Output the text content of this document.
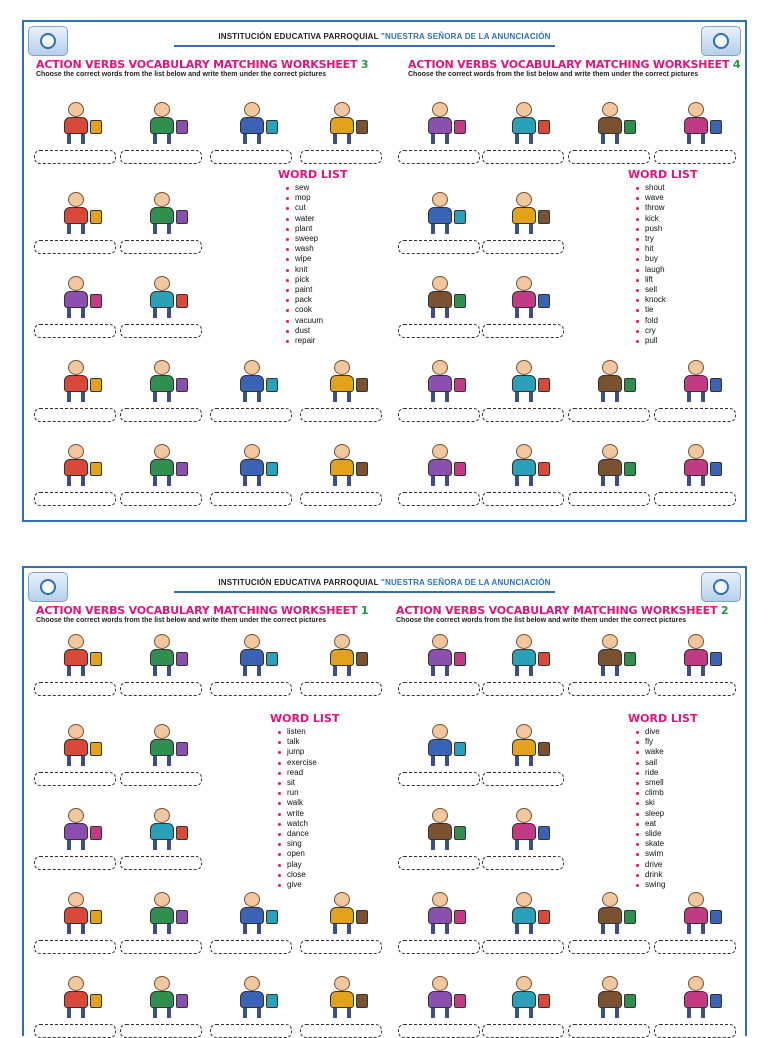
INSTITUCIÓN EDUCATIVA PARROQUIAL "NUESTRA SEÑORA DE LA ANUNCIACIÓN
ACTION VERBS VOCABULARY MATCHING WORKSHEET 3
Choose the correct words from the list below and write them under the correct pictures
ACTION VERBS VOCABULARY MATCHING WORKSHEET 4
Choose the correct words from the list below and write them under the correct pictures
WORD LIST
sew
mop
cut
water
plant
sweep
wash
wipe
knit
pick
paint
pack
cook
vacuum
dust
repair
WORD LIST
shout
wave
throw
kick
push
try
hit
buy
laugh
lift
sell
knock
tie
fold
cry
pull
INSTITUCIÓN EDUCATIVA PARROQUIAL "NUESTRA SEÑORA DE LA ANUNCIACIÓN
ACTION VERBS VOCABULARY MATCHING WORKSHEET 1
Choose the correct words from the list below and write them under the correct pictures
ACTION VERBS VOCABULARY MATCHING WORKSHEET 2
Choose the correct words from the list below and write them under the correct pictures
WORD LIST
listen
talk
jump
exercise
read
sit
run
walk
write
watch
dance
sing
open
play
close
give
WORD LIST
dive
fly
wake
sail
ride
smell
climb
ski
sleep
eat
slide
skate
swim
drive
drink
swing
